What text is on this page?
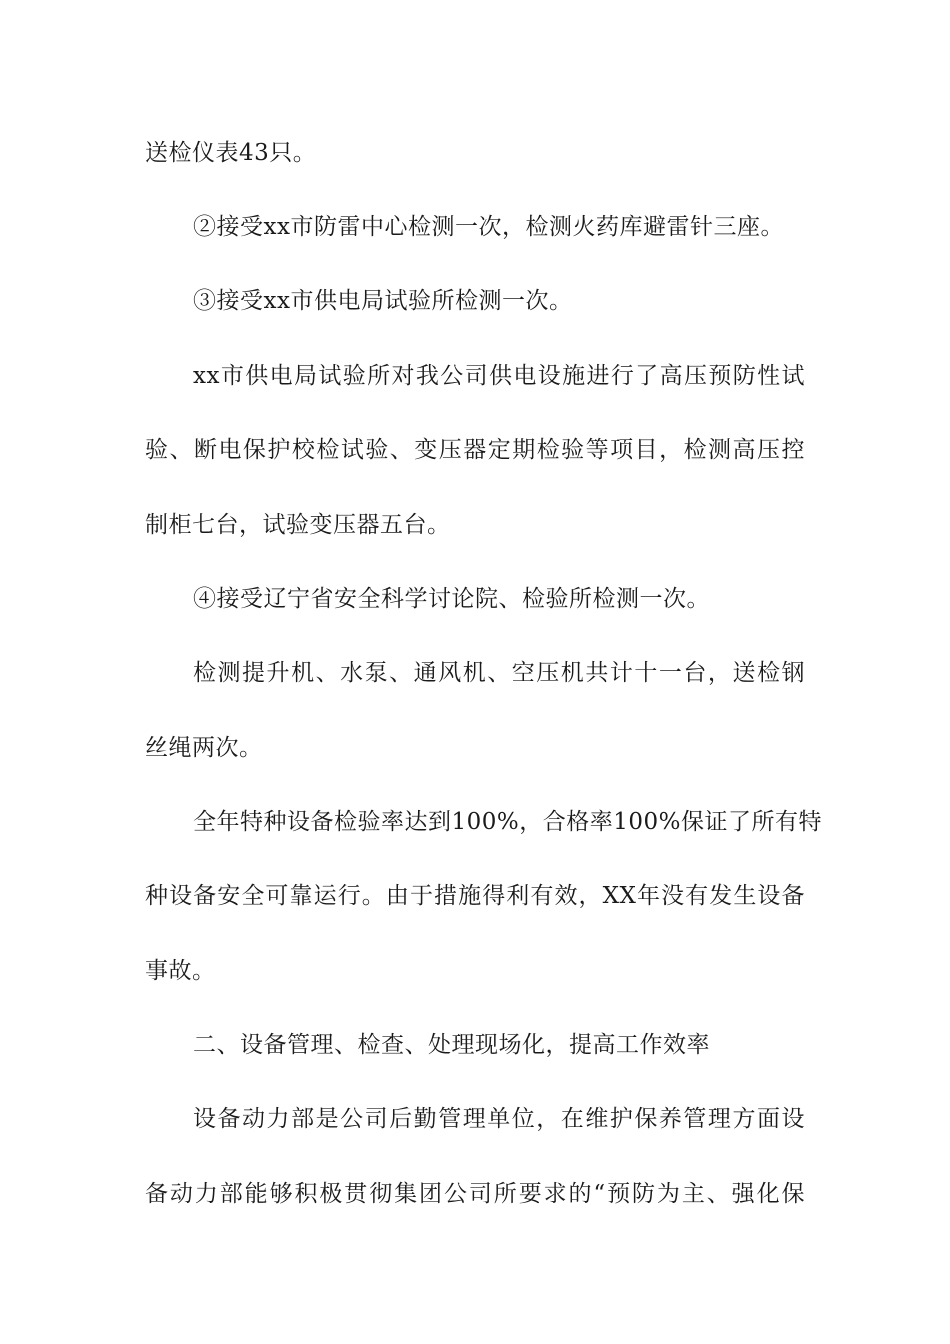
送检仪表43只。
②接受xx市防雷中心检测一次，检测火药库避雷针三座。
③接受xx市供电局试验所检测一次。
xx市供电局试验所对我公司供电设施进行了高压预防性试
验、断电保护校检试验、变压器定期检验等项目，检测高压控
制柜七台，试验变压器五台。
④接受辽宁省安全科学讨论院、检验所检测一次。
检测提升机、水泵、通风机、空压机共计十一台，送检钢
丝绳两次。
全年特种设备检验率达到100%，合格率100%保证了所有特
种设备安全可靠运行。由于措施得利有效，XX年没有发生设备
事故。
二、设备管理、检查、处理现场化，提高工作效率
设备动力部是公司后勤管理单位，在维护保养管理方面设
备动力部能够积极贯彻集团公司所要求的“预防为主、强化保
